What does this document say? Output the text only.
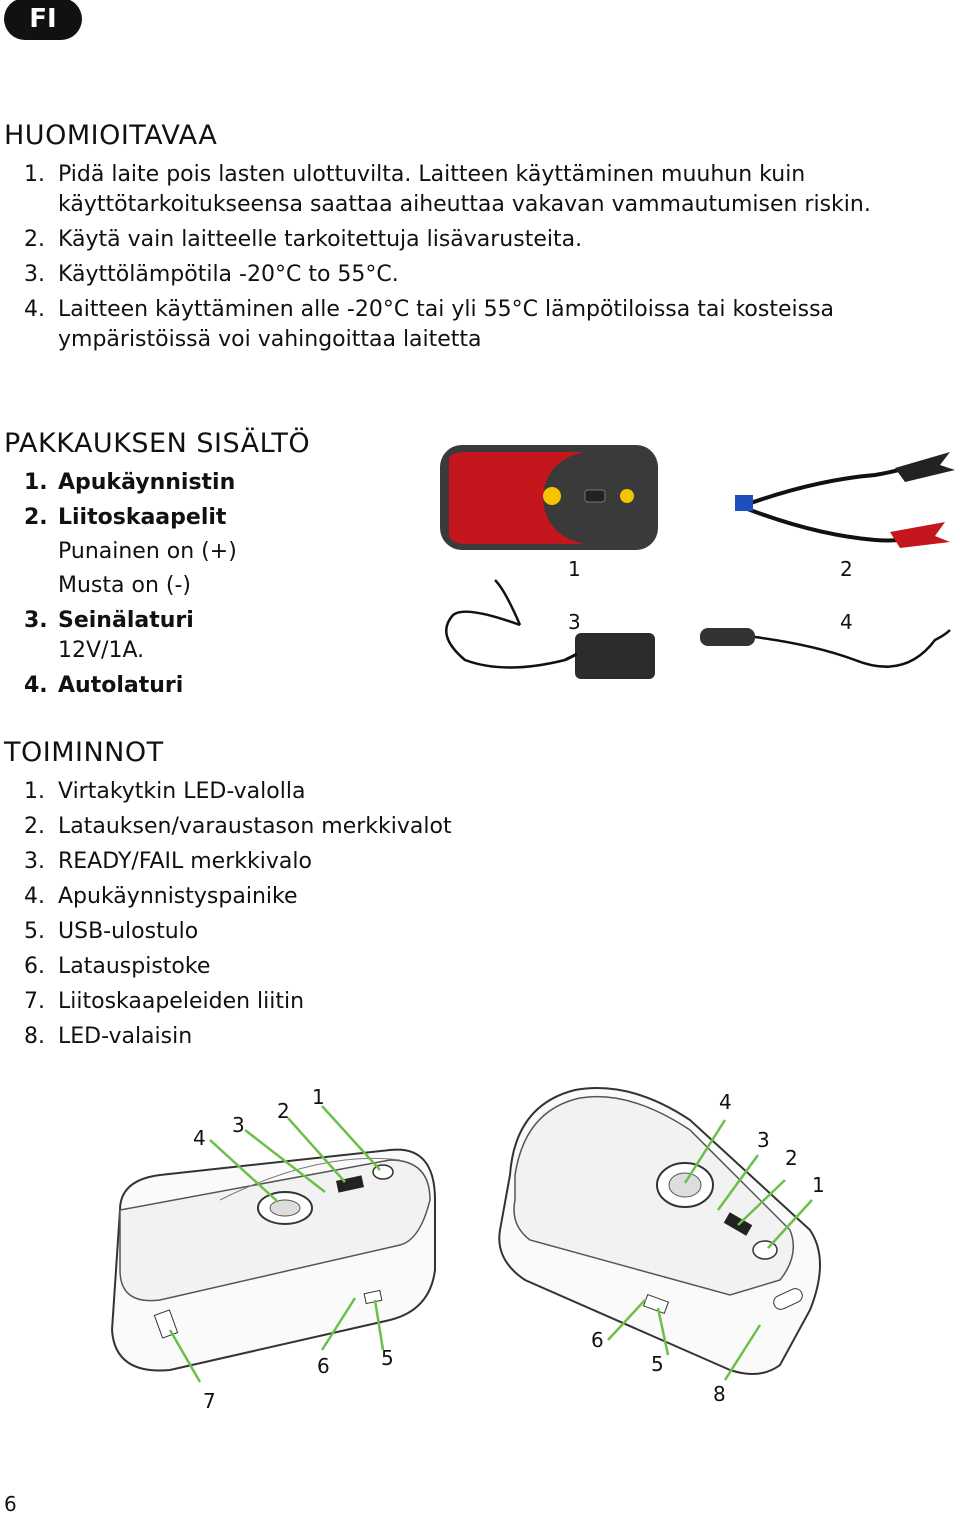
FI
HUOMIOITAVAA
1. Pidä laite pois lasten ulottuvilta. Laitteen käyttäminen muuhun kuin käyttötarkoitukseensa saattaa aiheuttaa vakavan vammautumisen riskin.
2. Käytä vain laitteelle tarkoitettuja lisävarusteita.
3. Käyttölämpötila -20°C to 55°C.
4. Laitteen käyttäminen alle -20°C tai yli 55°C lämpötiloissa tai kosteissa ympäristöissä voi vahingoittaa laitetta
PAKKAUKSEN SISÄLTÖ
1. Apukäynnistin
2. Liitoskaapelit
Punainen on (+)
Musta on (-)
3. Seinälaturi
12V/1A.
4. Autolaturi
1	2
3	4
TOIMINNOT
1. Virtakytkin LED-valolla
2. Latauksen/varaustason merkkivalot
3. READY/FAIL merkkivalo
4. Apukäynnistyspainike
5. USB-ulostulo
6. Latauspistoke
7. Liitoskaapeleiden liitin
8. LED-valaisin
1
2
3
4
5
6
7
1
2
3
4
5
6
8
6
